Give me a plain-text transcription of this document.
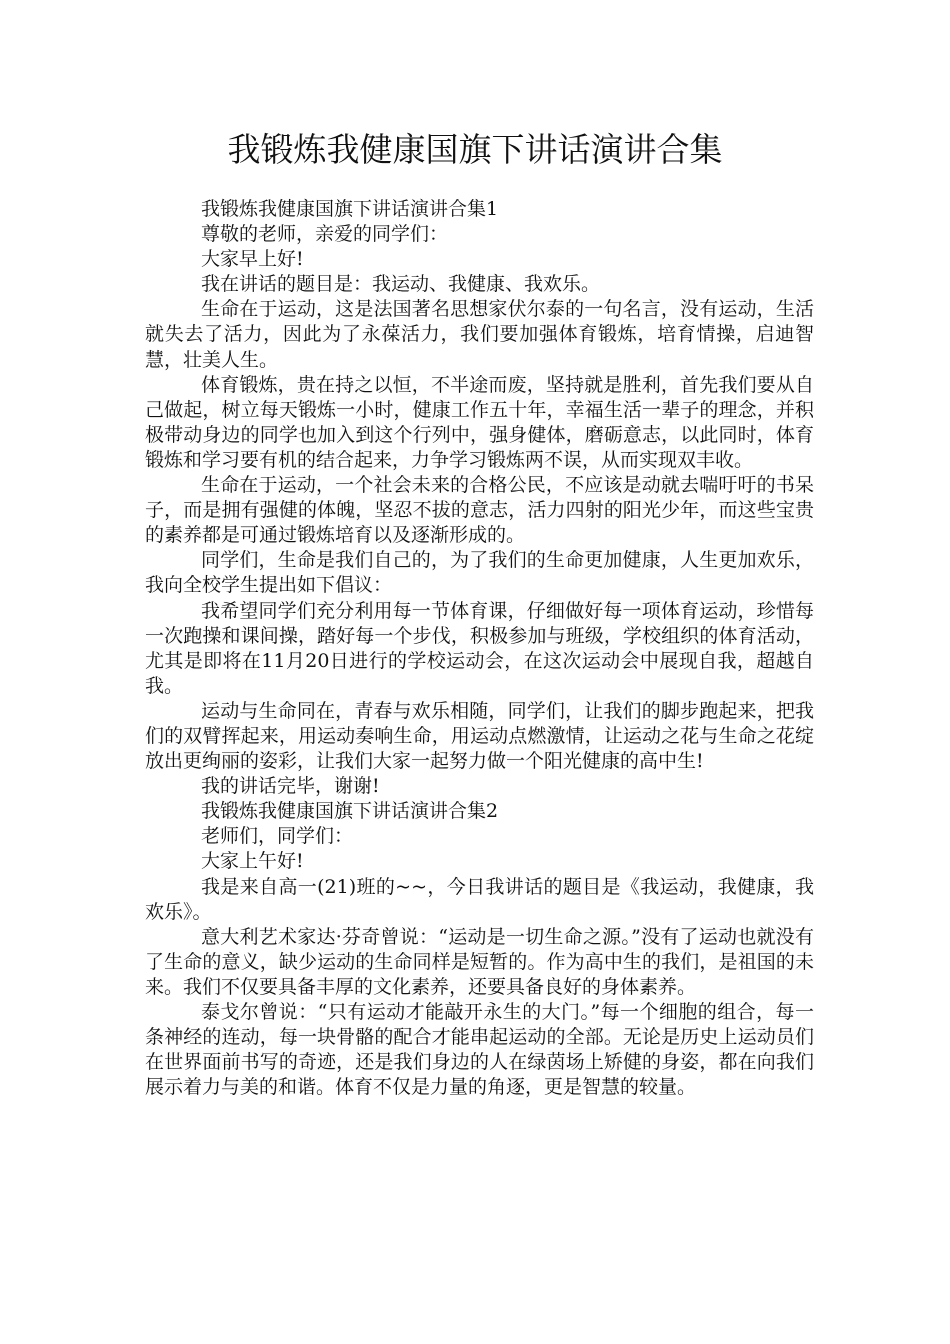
我锻炼我健康国旗下讲话演讲合集

我锻炼我健康国旗下讲话演讲合集1

尊敬的老师，亲爱的同学们：

大家早上好!

我在讲话的题目是：我运动、我健康、我欢乐。

生命在于运动，这是法国著名思想家伏尔泰的一句名言，没有运动，生活就失去了活力，因此为了永葆活力，我们要加强体育锻炼，培育情操，启迪智慧，壮美人生。

体育锻炼，贵在持之以恒，不半途而废，坚持就是胜利，首先我们要从自己做起，树立每天锻炼一小时，健康工作五十年，幸福生活一辈子的理念，并积极带动身边的同学也加入到这个行列中，强身健体，磨砺意志，以此同时，体育锻炼和学习要有机的结合起来，力争学习锻炼两不误，从而实现双丰收。

生命在于运动，一个社会未来的合格公民，不应该是动就去喘吁吁的书呆子，而是拥有强健的体魄，坚忍不拔的意志，活力四射的阳光少年，而这些宝贵的素养都是可通过锻炼培育以及逐渐形成的。

同学们，生命是我们自己的，为了我们的生命更加健康，人生更加欢乐，我向全校学生提出如下倡议：

我希望同学们充分利用每一节体育课，仔细做好每一项体育运动，珍惜每一次跑操和课间操，踏好每一个步伐，积极参加与班级，学校组织的体育活动，尤其是即将在11月20日进行的学校运动会，在这次运动会中展现自我，超越自我。

运动与生命同在，青春与欢乐相随，同学们，让我们的脚步跑起来，把我们的双臂挥起来，用运动奏响生命，用运动点燃激情，让运动之花与生命之花绽放出更绚丽的姿彩，让我们大家一起努力做一个阳光健康的高中生!

我的讲话完毕，谢谢!

我锻炼我健康国旗下讲话演讲合集2

老师们，同学们：

大家上午好!

我是来自高一(21)班的~~，今日我讲话的题目是《我运动，我健康，我欢乐》。

意大利艺术家达·芬奇曾说：“运动是一切生命之源。”没有了运动也就没有了生命的意义，缺少运动的生命同样是短暂的。作为高中生的我们，是祖国的未来。我们不仅要具备丰厚的文化素养，还要具备良好的身体素养。

泰戈尔曾说：“只有运动才能敲开永生的大门。”每一个细胞的组合，每一条神经的连动，每一块骨骼的配合才能串起运动的全部。无论是历史上运动员们在世界面前书写的奇迹，还是我们身边的人在绿茵场上矫健的身姿，都在向我们展示着力与美的和谐。体育不仅是力量的角逐，更是智慧的较量。
